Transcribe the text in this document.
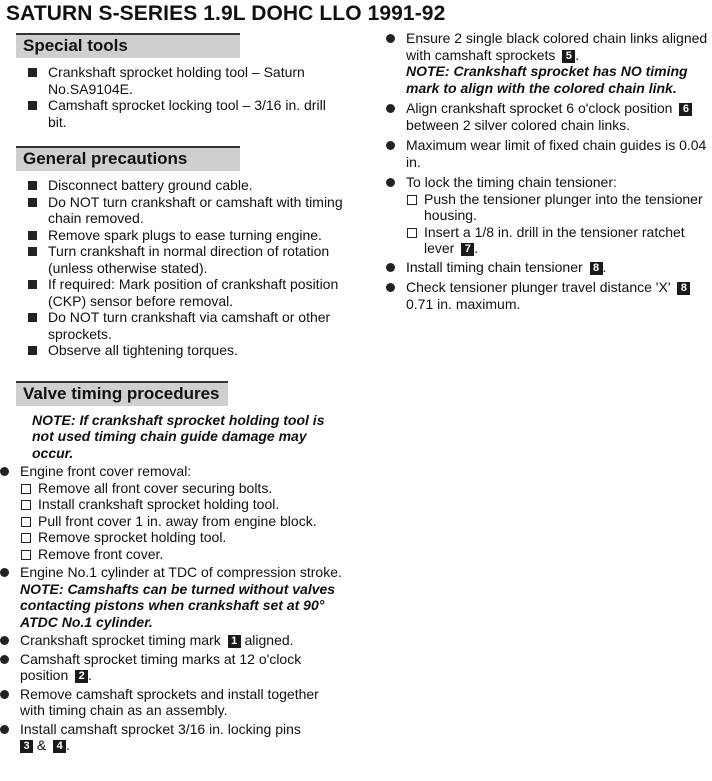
SATURN S-SERIES 1.9L DOHC LLO 1991-92
Special tools
Crankshaft sprocket holding tool – Saturn No.SA9104E.
Camshaft sprocket locking tool – 3/16 in. drill bit.
General precautions
Disconnect battery ground cable.
Do NOT turn crankshaft or camshaft with timing chain removed.
Remove spark plugs to ease turning engine.
Turn crankshaft in normal direction of rotation (unless otherwise stated).
If required: Mark position of crankshaft position (CKP) sensor before removal.
Do NOT turn crankshaft via camshaft or other sprockets.
Observe all tightening torques.
Valve timing procedures
NOTE: If crankshaft sprocket holding tool is not used timing chain guide damage may occur.
Engine front cover removal:
Remove all front cover securing bolts.
Install crankshaft sprocket holding tool.
Pull front cover 1 in. away from engine block.
Remove sprocket holding tool.
Remove front cover.
Engine No.1 cylinder at TDC of compression stroke.
NOTE: Camshafts can be turned without valves contacting pistons when crankshaft set at 90° ATDC No.1 cylinder.
Crankshaft sprocket timing mark 1 aligned.
Camshaft sprocket timing marks at 12 o'clock position 2 .
Remove camshaft sprockets and install together with timing chain as an assembly.
Install camshaft sprocket 3/16 in. locking pins
3 & 4 .
Ensure 2 single black colored chain links aligned with camshaft sprockets 5 .
NOTE: Crankshaft sprocket has NO timing mark to align with the colored chain link.
Align crankshaft sprocket 6 o'clock position 6 between 2 silver colored chain links.
Maximum wear limit of fixed chain guides is 0.04 in.
To lock the timing chain tensioner:
Push the tensioner plunger into the tensioner housing.
Insert a 1/8 in. drill in the tensioner ratchet lever 7 .
Install timing chain tensioner 8 .
Check tensioner plunger travel distance 'X' 8 0.71 in. maximum.
